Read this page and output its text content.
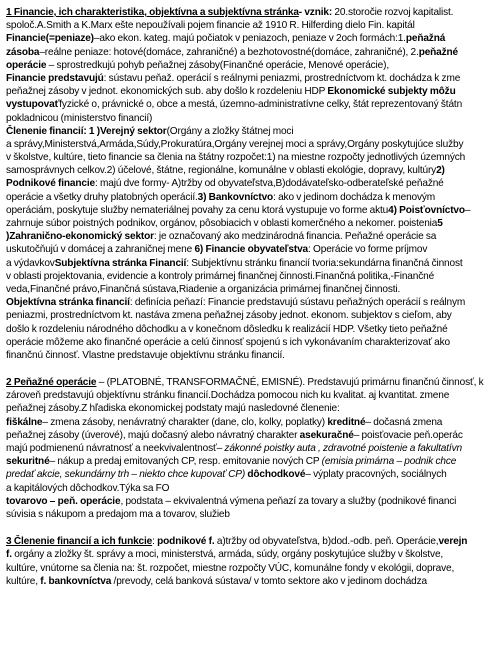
1 Financie, ich charakteristika, objektívna a subjektívna stránka- vznik: 20.storočie rozvoj kapitalist.
spoloč.A.Smith a K.Marx ešte nepoužívali pojem financie až 1910 R. Hilferding dielo Fin. kapitál
Financie(=peniaze)–ako ekon. kateg. majú počiatok v peniazoch, peniaze v 2och formách:1.peňažná
zásoba–reálne peniaze: hotové(domáce, zahraničné) a bezhotovostné(domáce, zahraničné), 2.peňažné
operácie – sprostredkujú pohyb peňažnej zásoby(Finančné operácie, Menové operácie),
Financie predstavujú: sústavu peňaž. operácií s reálnymi peniazmi, prostredníctvom kt. dochádza k zme
peňažnej zásoby v jednot. ekonomických sub. aby došlo k rozdeleniu HDP Ekonomické subjekty môžu
vystupovaťfyzické o, právnické o, obce a mestá, územno-administratívne celky, štát reprezentovaný štátn
pokladnicou (ministerstvo financií)
Členenie financií: 1 )Verejný sektor(Orgány a zložky štátnej moci
a správy,Ministerstvá,Armáda,Súdy,Prokuratúra,Orgány verejnej moci a správy,Orgány poskytujúce služby
v školstve, kultúre, tieto financie sa členia na štátny rozpočet:1) na miestne rozpočty jednotlivých územných
samosprávnych celkov.2) účelové, štátne, regionálne, komunálne v oblasti ekológie, dopravy, kultúry2)
Podnikové financie: majú dve formy- A)tržby od obyvateľstva,B)dodávateľsko-odberateľské peňažné
operácie a všetky druhy platobných operácií.3) Bankovníctvo: ako v jedinom dochádza k menovým
operáciám, poskytuje služby nemateriálnej povahy za cenu ktorá vystupuje vo forme aktu4) Poisťovníctvo–
zahrnuje súbor poistných podnikov, orgánov, pôsobiacich v oblasti komerčného a nekomer. poistenia5
)Zahranično-ekonomický sektor: je označovaný ako medzinárodná financia. Peňažné operácie sa
uskutočňujú v domácej a zahraničnej mene 6) Financie obyvateľstva: Operácie vo forme príjmov
a výdavkovSubjektívna stránka Financií: Subjektívnu stránku financií tvoria:sekundárna finančná činnost
v oblasti projektovania, evidencie a kontroly primárnej finančnej činnosti.Finančná politika,-Finančné
veda,Finančné právo,Finančná sústava,Riadenie a organizácia primárnej finančnej činnosti.
Objektívna stránka financií: definícia peňazí: Financie predstavujú sústavu peňažných operácií s reálnym
peniazmi, prostredníctvom kt. nastáva zmena peňažnej zásoby jednot. ekonom. subjektov s cieľom, aby
došlo k rozdeleniu národného dôchodku a v konečnom dôsledku k realizácií HDP. Všetky tieto peňažné
operácie môžeme ako finančné operácie a celú činnosť spojenú s ich vykonávaním charakterizovať ako
finančnú činnosť. Vlastne predstavuje objektívnu stránku financií.
2 Peňažné operácie – (PLATOBNÉ, TRANSFORMAČNÉ, EMISNÉ). Predstavujú primárnu finančnú činnosť, k
zároveň predstavujú objektívnu stránku financií.Dochádza pomocou nich ku kvalitat. aj kvantitat. zmene
peňažnej zásoby.Z hľadiska ekonomickej podstaty majú nasledovné členenie:
fiškálne– zmena zásoby, nenávratný charakter (dane, clo, kolky, poplatky) kreditné– dočasná zmena
peňažnej zásoby (úverové), majú dočasný alebo návratný charakter asekuračné– poisťovacie peň.operác
majú podmienenú návratnosť a neekvivalentnosť– zákonné poistky auta , zdravotné poistenie a fakultatívn
sekuritné– nákup a predaj emitovaných CP, resp. emitovanie nových CP (emisia primárna – podnik chce
predať akcie, sekundárny trh – niekto chce kupovať CP) dôchodkové– výplaty pracovných, sociálnych
a kapitálových dôchodkov.Týka sa FO
tovarovo – peň. operácie, podstata – ekvivalentná výmena peňazí za tovary a služby (podnikové financi
súvisia s nákupom a predajom ma a tovarov, služieb
3 Členenie financií a ich funkcie: podnikové f. a)tržby od obyvateľstva, b)dod.-odb. peň. Operácie,verejn
f. orgány a zložky št. správy a moci, ministerstvá, armáda, súdy, orgány poskytujúce služby v školstve,
kultúre, vnútorne sa členia na: št. rozpočet, miestne rozpočty VÚC, komunálne fondy v ekológii, doprave,
kultúre, f. bankovníctva /prevody, celá banková sústava/ v tomto sektore ako v jedinom dochádza
